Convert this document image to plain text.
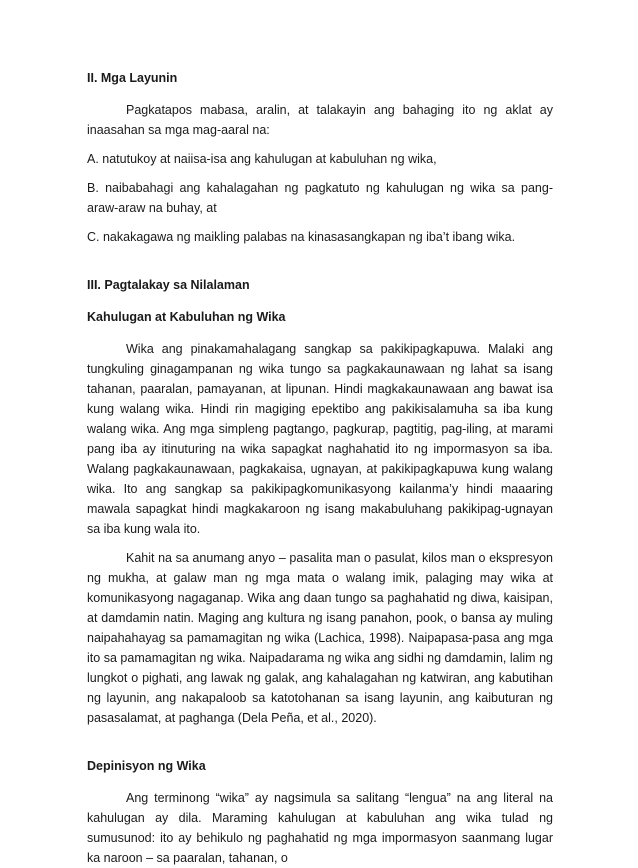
II. Mga Layunin

Pagkatapos mabasa, aralin, at talakayin ang bahaging ito ng aklat ay inaasahan sa mga mag-aaral na:

A. natutukoy at naiisa-isa ang kahulugan at kabuluhan ng wika,

B. naibabahagi ang kahalagahan ng pagkatuto ng kahulugan ng wika sa pang-araw-araw na buhay, at

C. nakakagawa ng maikling palabas na kinasasangkapan ng iba’t ibang wika.

III. Pagtalakay sa Nilalaman

Kahulugan at Kabuluhan ng Wika

Wika ang pinakamahalagang sangkap sa pakikipagkapuwa. Malaki ang tungkuling ginagampanan ng wika tungo sa pagkakaunawaan ng lahat sa isang tahanan, paaralan, pamayanan, at lipunan. Hindi magkakaunawaan ang bawat isa kung walang wika. Hindi rin magiging epektibo ang pakikisalamuha sa iba kung walang wika. Ang mga simpleng pagtango, pagkurap, pagtitig, pag-iling, at marami pang iba ay itinuturing na wika sapagkat naghahatid ito ng impormasyon sa iba. Walang pagkakaunawaan, pagkakaisa, ugnayan, at pakikipagkapuwa kung walang wika. Ito ang sangkap sa pakikipagkomunikasyong kailanma’y hindi maaaring mawala sapagkat hindi magkakaroon ng isang makabuluhang pakikipag-ugnayan sa iba kung wala ito.

Kahit na sa anumang anyo – pasalita man o pasulat, kilos man o ekspresyon ng mukha, at galaw man ng mga mata o walang imik, palaging may wika at komunikasyong nagaganap. Wika ang daan tungo sa paghahatid ng diwa, kaisipan, at damdamin natin. Maging ang kultura ng isang panahon, pook, o bansa ay muling naipahahayag sa pamamagitan ng wika (Lachica, 1998). Naipapasa-pasa ang mga ito sa pamamagitan ng wika. Naipadarama ng wika ang sidhi ng damdamin, lalim ng lungkot o pighati, ang lawak ng galak, ang kahalagahan ng katwiran, ang kabutihan ng layunin, ang nakapaloob sa katotohanan sa isang layunin, ang kaibuturan ng pasasalamat, at paghanga (Dela Peña, et al., 2020).

Depinisyon ng Wika

Ang terminong “wika” ay nagsimula sa salitang “lengua” na ang literal na kahulugan ay dila. Maraming kahulugan at kabuluhan ang wika tulad ng sumusunod: ito ay behikulo ng paghahatid ng mga impormasyon saanmang lugar ka naroon – sa paaralan, tahanan, o
